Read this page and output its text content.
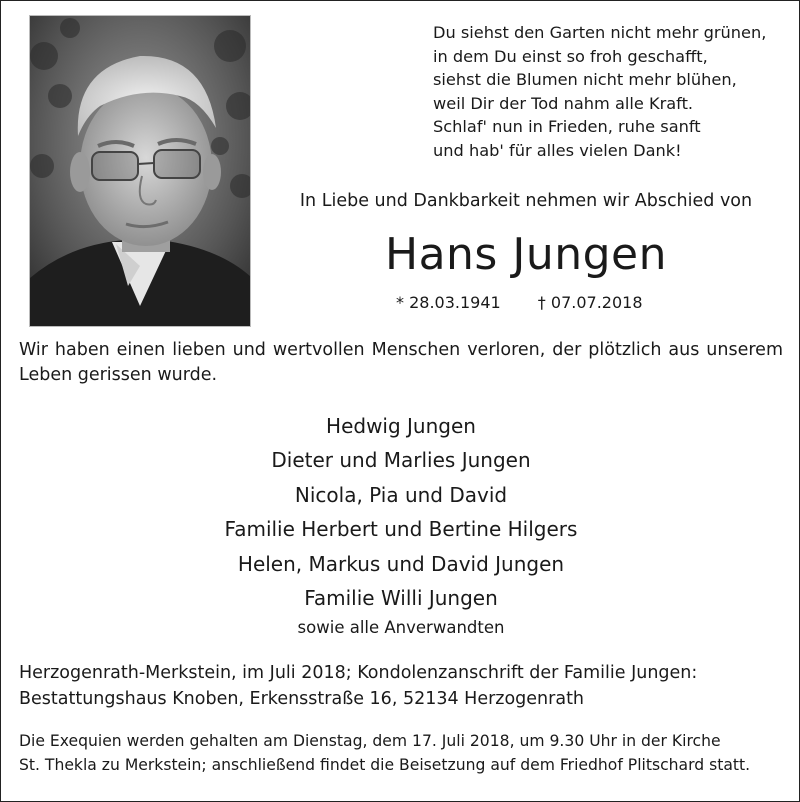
Du siehst den Garten nicht mehr grünen,
in dem Du einst so froh geschafft,
siehst die Blumen nicht mehr blühen,
weil Dir der Tod nahm alle Kraft.
Schlaf' nun in Frieden, ruhe sanft
und hab' für alles vielen Dank!
In Liebe und Dankbarkeit nehmen wir Abschied von
Hans Jungen
* 28.03.1941 † 07.07.2018
Wir haben einen lieben und wertvollen Menschen verloren, der plötzlich aus unserem Leben gerissen wurde.
Hedwig Jungen
Dieter und Marlies Jungen
Nicola, Pia und David
Familie Herbert und Bertine Hilgers
Helen, Markus und David Jungen
Familie Willi Jungen
sowie alle Anverwandten
Herzogenrath-Merkstein, im Juli 2018; Kondolenzanschrift der Familie Jungen:
Bestattungshaus Knoben, Erkensstraße 16, 52134 Herzogenrath
Die Exequien werden gehalten am Dienstag, dem 17. Juli 2018, um 9.30 Uhr in der Kirche
St. Thekla zu Merkstein; anschließend findet die Beisetzung auf dem Friedhof Plitschard statt.
